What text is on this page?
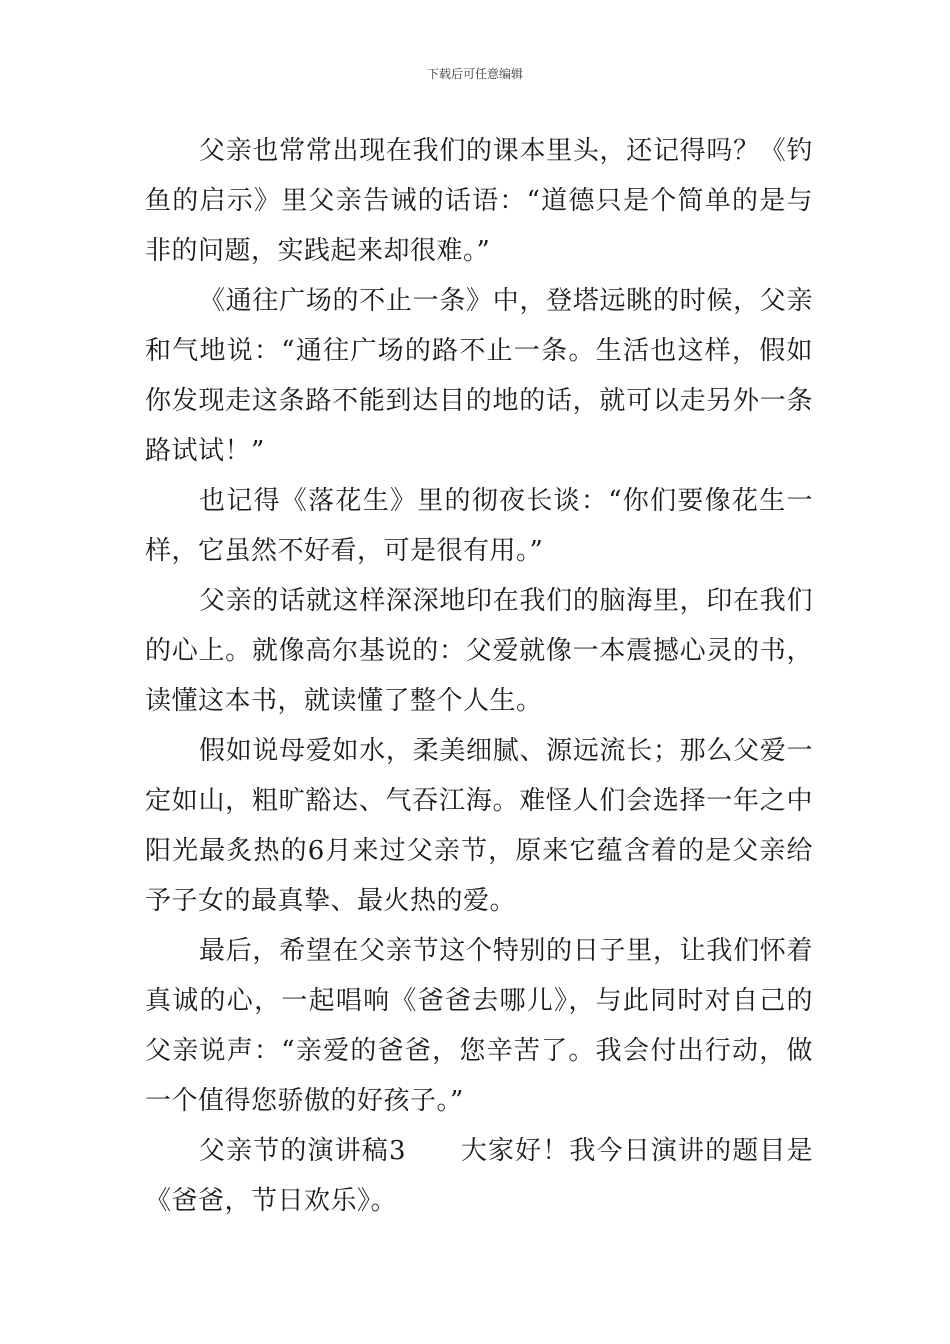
下载后可任意编辑

父亲也常常出现在我们的课本里头，还记得吗？《钓鱼的启示》里父亲告诫的话语：“道德只是个简单的是与非的问题，实践起来却很难。”

《通往广场的不止一条》中，登塔远眺的时候，父亲和气地说：“通往广场的路不止一条。生活也这样，假如你发现走这条路不能到达目的地的话，就可以走另外一条路试试！”

也记得《落花生》里的彻夜长谈：“你们要像花生一样，它虽然不好看，可是很有用。”

父亲的话就这样深深地印在我们的脑海里，印在我们的心上。就像高尔基说的：父爱就像一本震撼心灵的书，读懂这本书，就读懂了整个人生。

假如说母爱如水，柔美细腻、源远流长；那么父爱一定如山，粗旷豁达、气吞江海。难怪人们会选择一年之中阳光最炙热的6月来过父亲节，原来它蕴含着的是父亲给予子女的最真挚、最火热的爱。

最后，希望在父亲节这个特别的日子里，让我们怀着真诚的心，一起唱响《爸爸去哪儿》，与此同时对自己的父亲说声：“亲爱的爸爸，您辛苦了。我会付出行动，做一个值得您骄傲的好孩子。”

父亲节的演讲稿3　　大家好！我今日演讲的题目是《爸爸，节日欢乐》。
